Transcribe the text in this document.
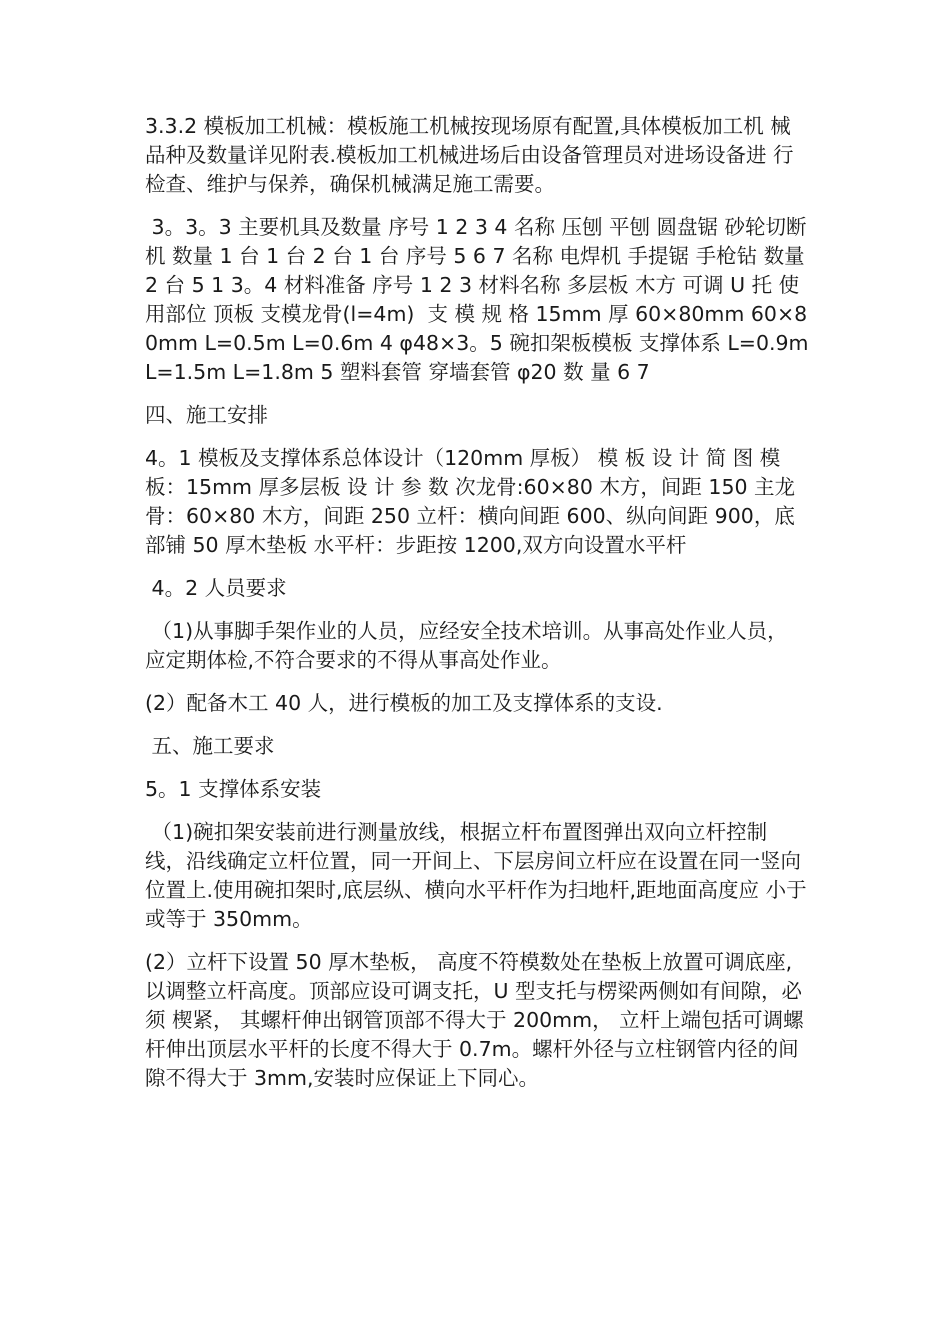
3.3.2 模板加工机械：模板施工机械按现场原有配置,具体模板加工机 械品种及数量详见附表.模板加工机械进场后由设备管理员对进场设备进 行检查、维护与保养，确保机械满足施工需要。

3。3。3 主要机具及数量 序号 1 2 3 4 名称 压刨 平刨 圆盘锯 砂轮切断机 数量 1 台 1 台 2 台 1 台 序号 5 6 7 名称 电焊机 手提锯 手枪钻 数量 2 台 5 1 3。4 材料准备 序号 1 2 3 材料名称 多层板 木方 可调 U 托 使用部位 顶板 支模龙骨(l=4m)  支 模 规 格 15mm 厚 60×80mm 60×80mm L=0.5m L=0.6m 4 φ48×3。5 碗扣架板模板 支撑体系 L=0.9m L=1.5m L=1.8m 5 塑料套管 穿墙套管 φ20 数 量 6 7

四、施工安排

4。1 模板及支撑体系总体设计（120mm 厚板） 模 板 设 计 简 图 模板：15mm 厚多层板 设 计 参 数 次龙骨:60×80 木方，间距 150 主龙骨：60×80 木方，间距 250 立杆：横向间距 600、纵向间距 900，底部铺 50 厚木垫板 水平杆：步距按 1200,双方向设置水平杆

4。2 人员要求

（1)从事脚手架作业的人员，应经安全技术培训。从事高处作业人员， 应定期体检,不符合要求的不得从事高处作业。

(2）配备木工 40 人，进行模板的加工及支撑体系的支设.

五、施工要求

5。1 支撑体系安装

（1)碗扣架安装前进行测量放线，根据立杆布置图弹出双向立杆控制 线，沿线确定立杆位置，同一开间上、下层房间立杆应在设置在同一竖向 位置上.使用碗扣架时,底层纵、横向水平杆作为扫地杆,距地面高度应 小于或等于 350mm。

(2）立杆下设置 50 厚木垫板， 高度不符模数处在垫板上放置可调底座, 以调整立杆高度。顶部应设可调支托，U 型支托与楞梁两侧如有间隙，必须 楔紧， 其螺杆伸出钢管顶部不得大于 200mm， 立杆上端包括可调螺杆伸出顶层水平杆的长度不得大于 0.7m。螺杆外径与立柱钢管内径的间隙不得大于 3mm,安装时应保证上下同心。
